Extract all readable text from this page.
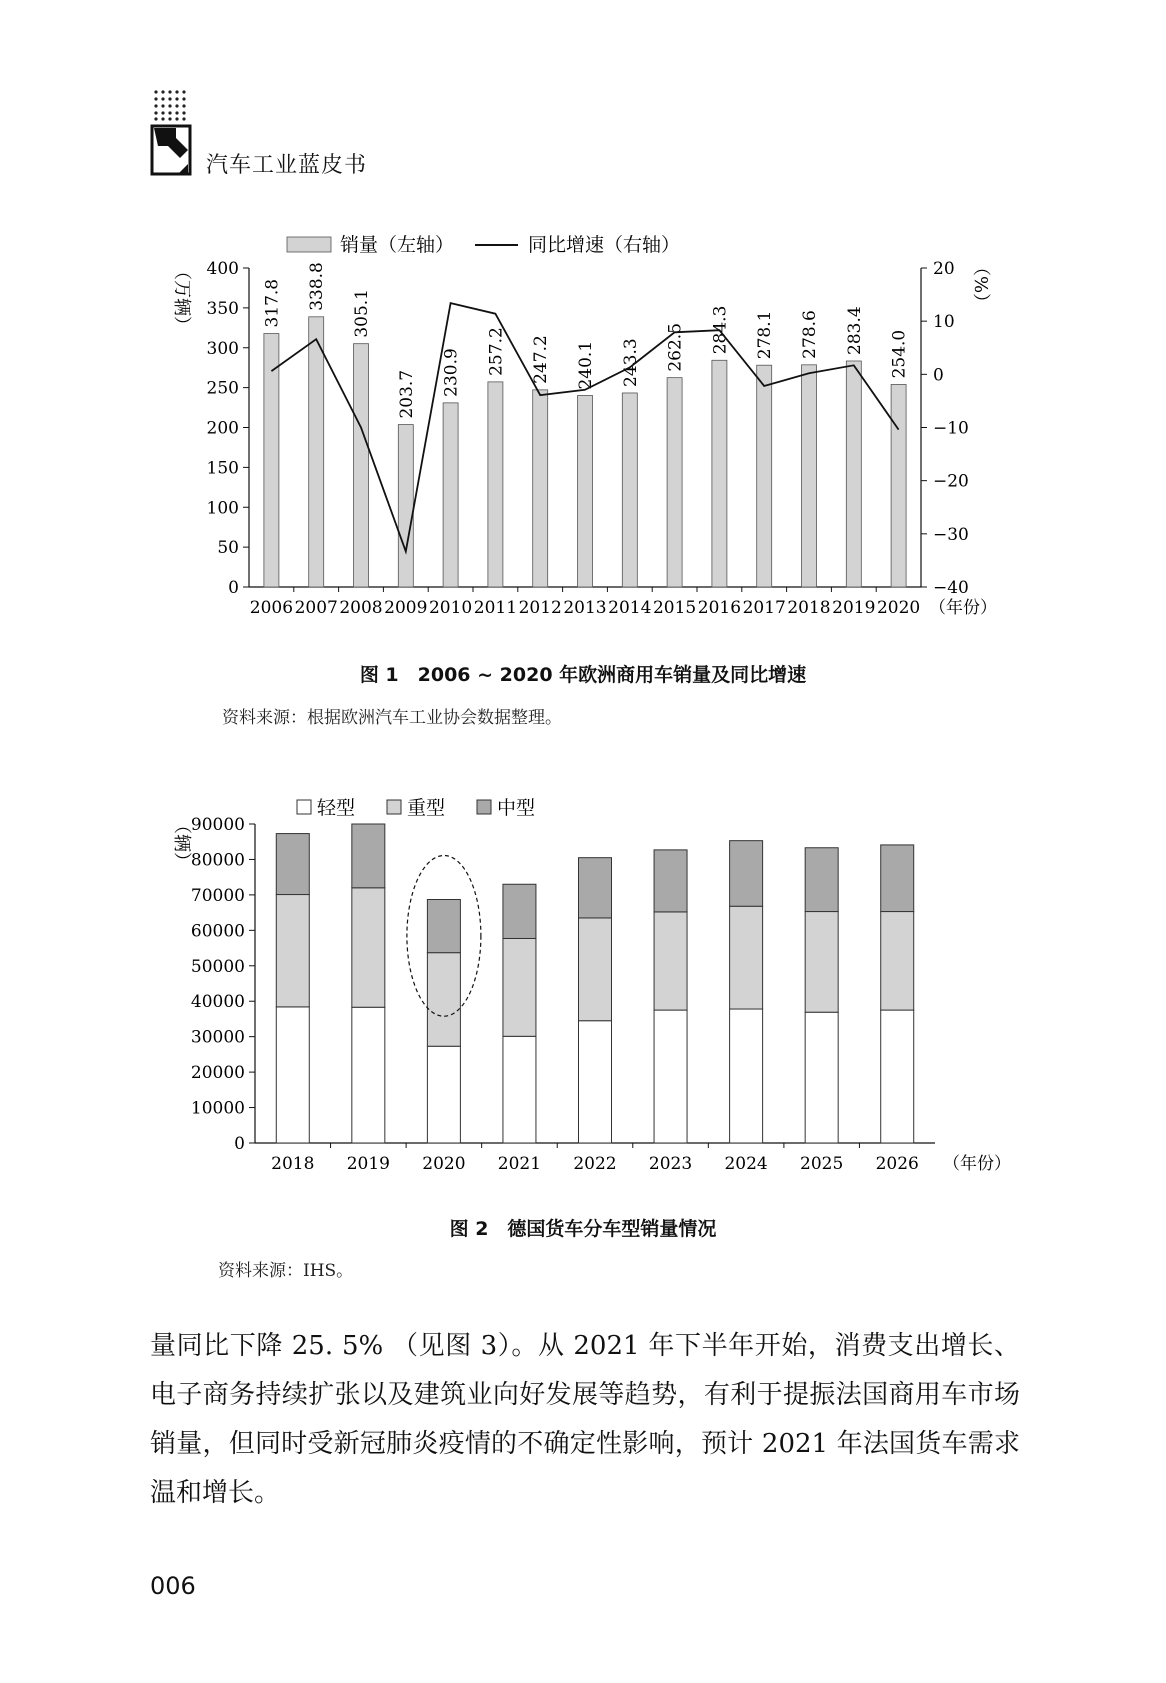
汽车工业蓝皮书
0
50
100
150
200
250
300
350
400
−40
−30
−20
−10
0
10
20
317.8
2006
338.8
2007
305.1
2008
203.7
2009
230.9
2010
257.2
2011
247.2
2012
240.1
2013
243.3
2014
262.5
2015
284.3
2016
278.1
2017
278.6
2018
283.4
2019
254.0
2020
（万辆）	（%）
（年份）
销量（左轴）	同比增速（右轴）
0
10000
20000
30000
40000
50000
60000
70000
80000
90000
2018 2019 2020 2021 2022 2023 2024 2025 2026
（辆）
（年份）
轻型	重型	中型
图 1　2006 ~ 2020 年欧洲商用车销量及同比增速
资料来源：根据欧洲汽车工业协会数据整理。
图 2　德国货车分车型销量情况
资料来源：IHS。
量同比下降 25. 5% （见图 3）。从 2021 年下半年开始，消费支出增长、电子商务持续扩张以及建筑业向好发展等趋势，有利于提振法国商用车市场销量，但同时受新冠肺炎疫情的不确定性影响，预计 2021 年法国货车需求温和增长。
006
